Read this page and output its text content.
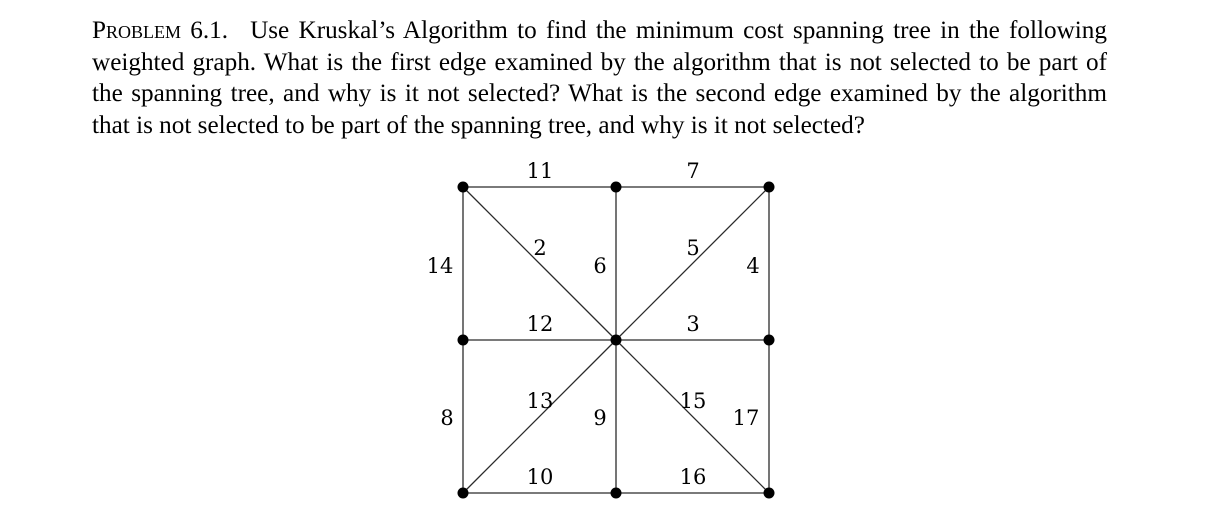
Problem 6.1. Use Kruskal’s Algorithm to find the minimum cost spanning tree in the following weighted graph. What is the first edge examined by the algorithm that is not selected to be part of the spanning tree, and why is it not selected? What is the second edge examined by the algorithm that is not selected to be part of the spanning tree, and why is it not selected?
11	7
14
2
6
5
4
12	3
8
13
9
15
17
10	16
